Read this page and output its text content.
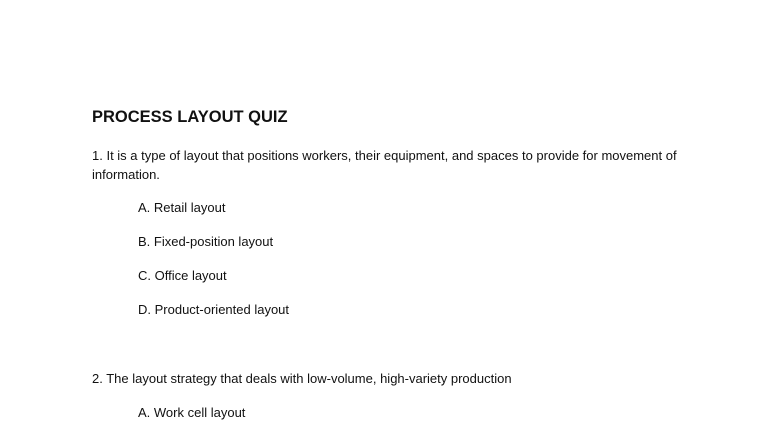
PROCESS LAYOUT QUIZ
1. It is a type of layout that positions workers, their equipment, and spaces to provide for movement of information.
A. Retail layout
B. Fixed-position layout
C. Office layout
D. Product-oriented layout
2. The layout strategy that deals with low-volume, high-variety production
A. Work cell layout
